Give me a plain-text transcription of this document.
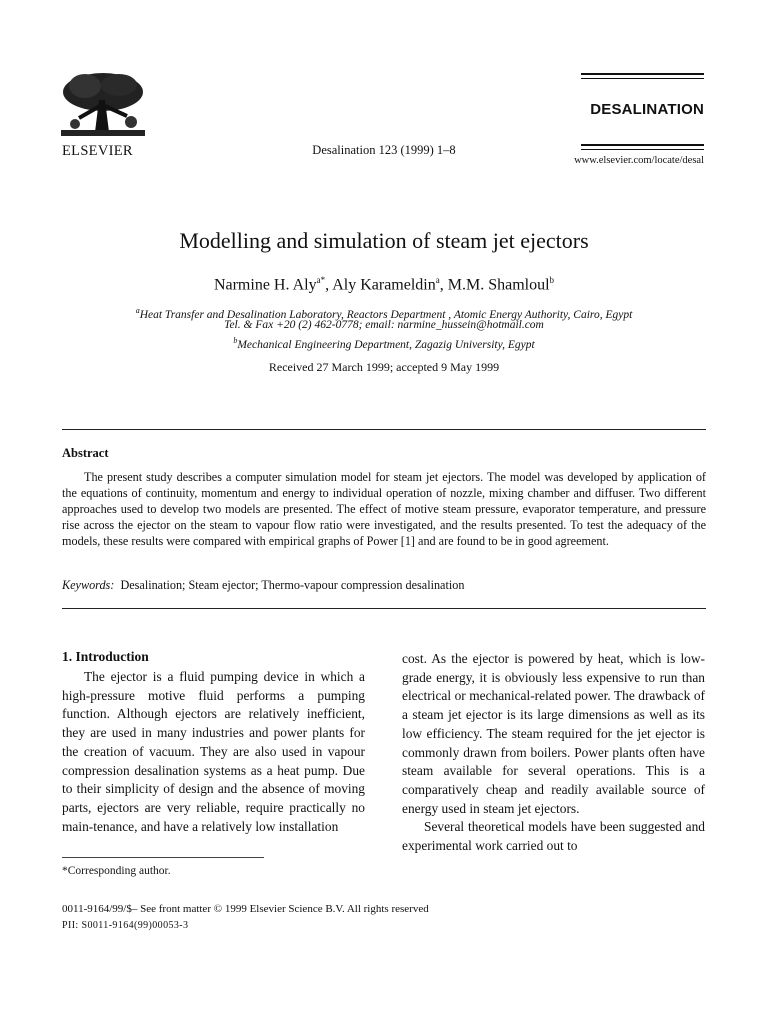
ELSEVIER	Desalination 123 (1999) 1–8
DESALINATION
www.elsevier.com/locate/desal
Modelling and simulation of steam jet ejectors
Narmine H. Aly$^{a*}$, Aly Karameldin$^a$, M.M. Shamloul$^b$
$^a$Heat Transfer and Desalination Laboratory, Reactors Department , Atomic Energy Authority, Cairo, Egypt
Tel. & Fax +20 (2) 462-0778; email: narmine_hussein@hotmail.com
$^b$Mechanical Engineering Department, Zagazig University, Egypt
Received 27 March 1999; accepted 9 May 1999
Abstract
The present study describes a computer simulation model for steam jet ejectors. The model was developed by application of the equations of continuity, momentum and energy to individual operation of nozzle, mixing chamber and diffuser. Two different approaches used to develop two models are presented. The effect of motive steam pressure, evaporator temperature, and pressure rise across the ejector on the steam to vapour flow ratio were investigated, and the results presented. To test the adequacy of the models, these results were compared with empirical graphs of Power [1] and are found to be in good agreement.
Keywords: Desalination; Steam ejector; Thermo-vapour compression desalination
1. Introduction
The ejector is a fluid pumping device in which a high-pressure motive fluid performs a pumping function. Although ejectors are relatively inefficient, they are used in many industries and power plants for the creation of vacuum. They are also used in vapour compression desalination systems as a heat pump. Due to their simplicity of design and the absence of moving parts, ejectors are very reliable, require practically no main-tenance, and have a relatively low installation

cost. As the ejector is powered by heat, which is low-grade energy, it is obviously less expensive to run than electrical or mechanical-related power. The drawback of a steam jet ejector is its large dimensions as well as its low efficiency. The steam required for the jet ejector is commonly drawn from boilers. Power plants often have steam available for several operations. This is a comparatively cheap and readily available source of energy used in steam jet ejectors.

Several theoretical models have been suggested and experimental work carried out to

*Corresponding author.
0011-9164/99/$– See front matter © 1999 Elsevier Science B.V. All rights reserved
PII: S0011-9164(99)00053-3
